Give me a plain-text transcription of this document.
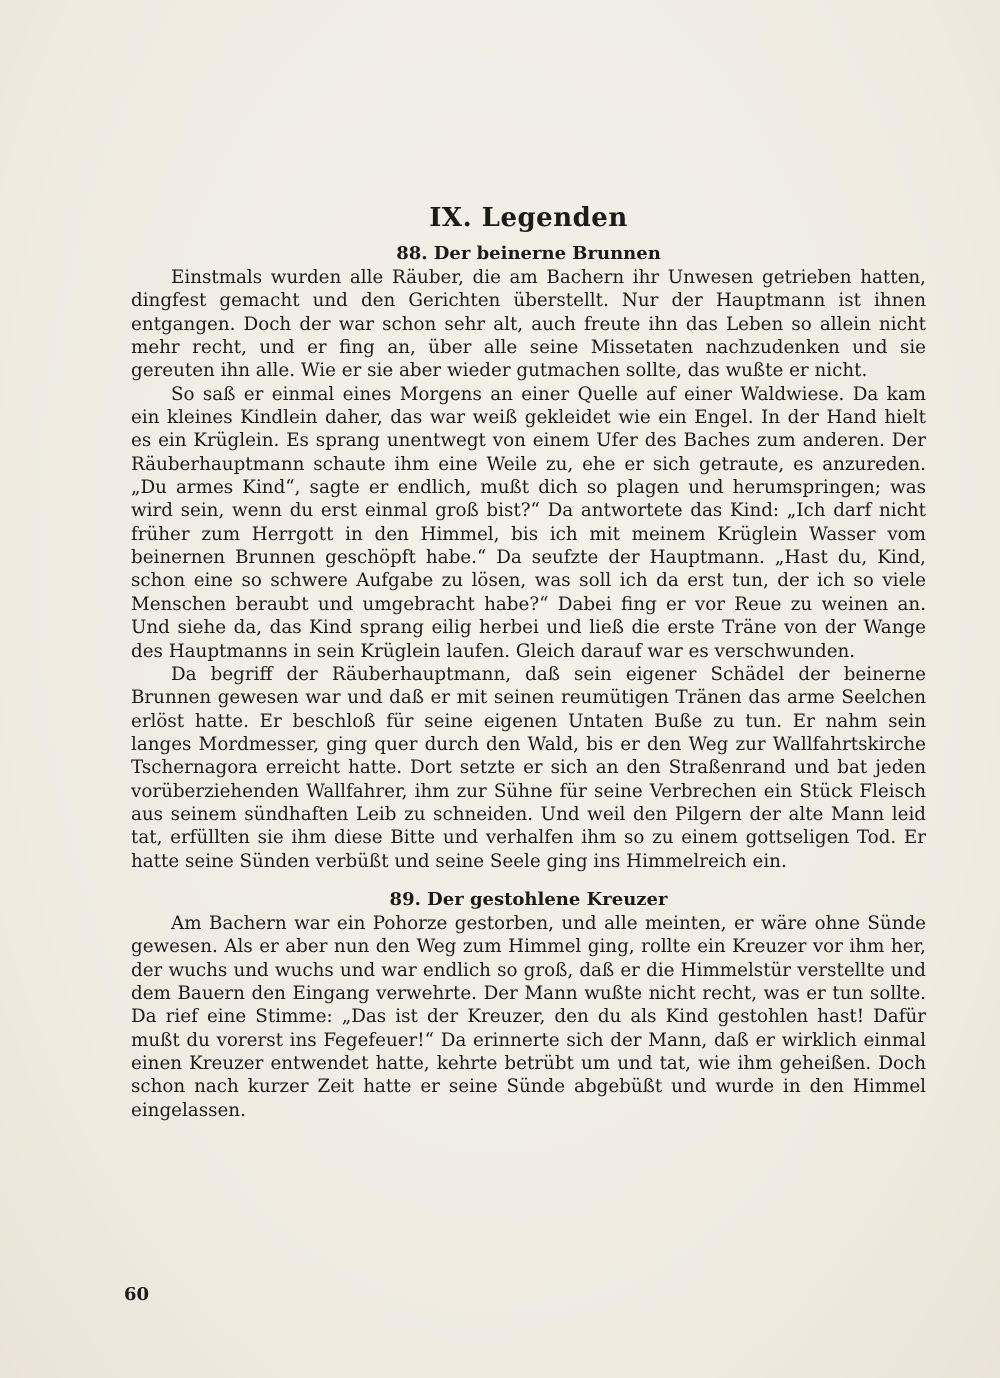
IX. Legenden
88. Der beinerne Brunnen

Einstmals wurden alle Räuber, die am Bachern ihr Unwesen getrieben hatten, dingfest gemacht und den Gerichten überstellt. Nur der Hauptmann ist ihnen entgangen. Doch der war schon sehr alt, auch freute ihn das Leben so allein nicht mehr recht, und er fing an, über alle seine Missetaten nachzudenken und sie gereuten ihn alle. Wie er sie aber wieder gutmachen sollte, das wußte er nicht.

So saß er einmal eines Morgens an einer Quelle auf einer Waldwiese. Da kam ein kleines Kindlein daher, das war weiß gekleidet wie ein Engel. In der Hand hielt es ein Krüglein. Es sprang unentwegt von einem Ufer des Baches zum anderen. Der Räuberhauptmann schaute ihm eine Weile zu, ehe er sich getraute, es anzureden. „Du armes Kind“, sagte er endlich, mußt dich so plagen und herumspringen; was wird sein, wenn du erst einmal groß bist?“ Da antwortete das Kind: „Ich darf nicht früher zum Herrgott in den Himmel, bis ich mit meinem Krüglein Wasser vom beinernen Brunnen geschöpft habe.“ Da seufzte der Hauptmann. „Hast du, Kind, schon eine so schwere Aufgabe zu lösen, was soll ich da erst tun, der ich so viele Menschen beraubt und umgebracht habe?“ Dabei fing er vor Reue zu weinen an. Und siehe da, das Kind sprang eilig herbei und ließ die erste Träne von der Wange des Hauptmanns in sein Krüglein laufen. Gleich darauf war es verschwunden.

Da begriff der Räuberhauptmann, daß sein eigener Schädel der beinerne Brunnen gewesen war und daß er mit seinen reumütigen Tränen das arme Seelchen erlöst hatte. Er beschloß für seine eigenen Untaten Buße zu tun. Er nahm sein langes Mordmesser, ging quer durch den Wald, bis er den Weg zur Wallfahrtskirche Tschernagora erreicht hatte. Dort setzte er sich an den Straßenrand und bat jeden vorüberziehenden Wallfahrer, ihm zur Sühne für seine Verbrechen ein Stück Fleisch aus seinem sündhaften Leib zu schneiden. Und weil den Pilgern der alte Mann leid tat, erfüllten sie ihm diese Bitte und verhalfen ihm so zu einem gottseligen Tod. Er hatte seine Sünden verbüßt und seine Seele ging ins Himmelreich ein.

89. Der gestohlene Kreuzer

Am Bachern war ein Pohorze gestorben, und alle meinten, er wäre ohne Sünde gewesen. Als er aber nun den Weg zum Himmel ging, rollte ein Kreuzer vor ihm her, der wuchs und wuchs und war endlich so groß, daß er die Himmelstür verstellte und dem Bauern den Eingang verwehrte. Der Mann wußte nicht recht, was er tun sollte. Da rief eine Stimme: „Das ist der Kreuzer, den du als Kind gestohlen hast! Dafür mußt du vorerst ins Fegefeuer!“ Da erinnerte sich der Mann, daß er wirklich einmal einen Kreuzer entwendet hatte, kehrte betrübt um und tat, wie ihm geheißen. Doch schon nach kurzer Zeit hatte er seine Sünde abgebüßt und wurde in den Himmel eingelassen.

60
